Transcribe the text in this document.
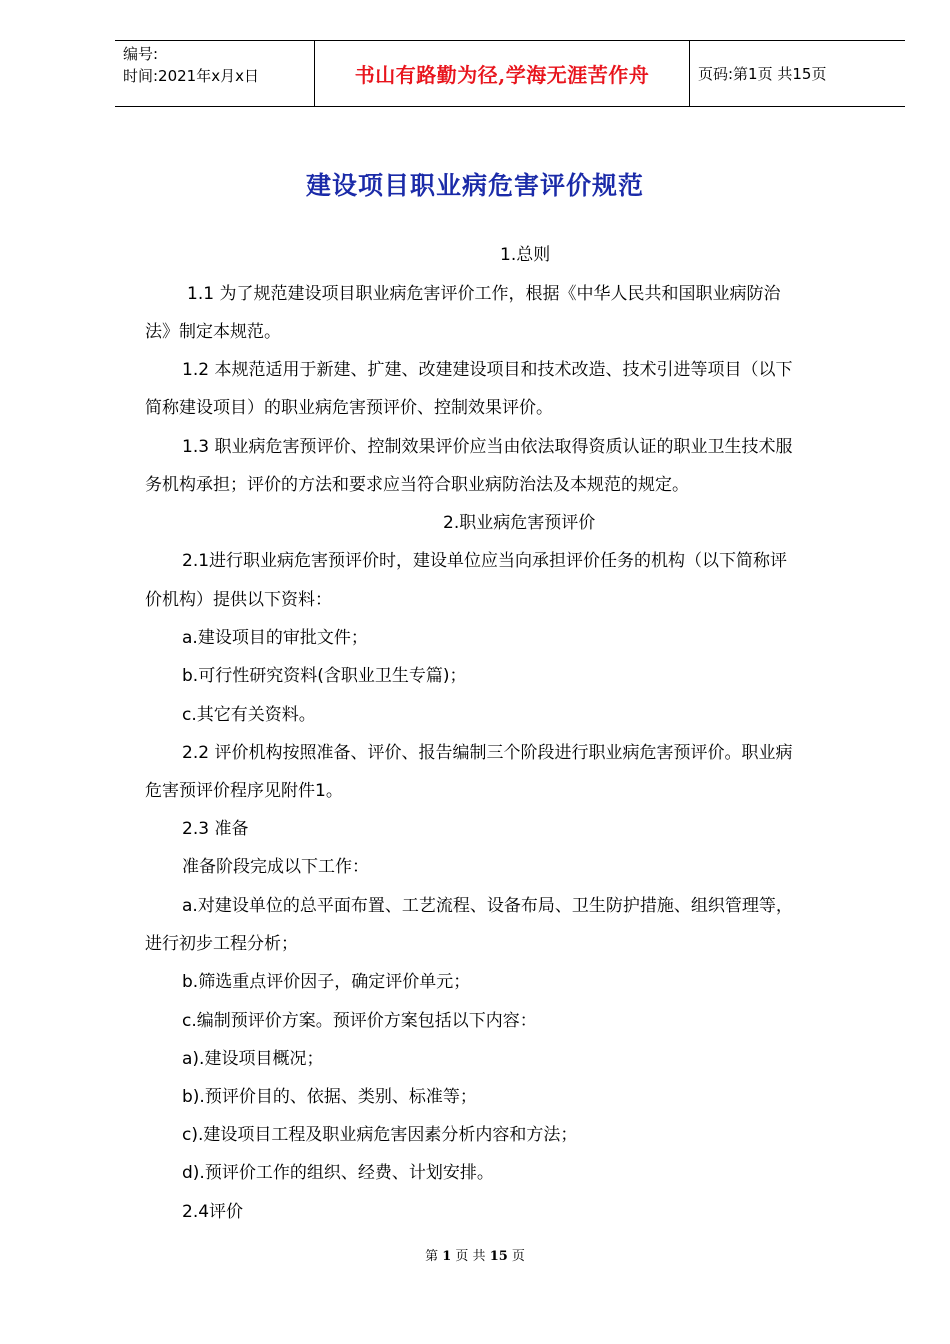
编号:
时间:2021年x月x日	书山有路勤为径,学海无涯苦作舟	页码:第1页 共15页
建设项目职业病危害评价规范
1.总则
1.1 为了规范建设项目职业病危害评价工作，根据《中华人民共和国职业病防治
法》制定本规范。
1.2 本规范适用于新建、扩建、改建建设项目和技术改造、技术引进等项目（以下
简称建设项目）的职业病危害预评价、控制效果评价。
1.3 职业病危害预评价、控制效果评价应当由依法取得资质认证的职业卫生技术服
务机构承担；评价的方法和要求应当符合职业病防治法及本规范的规定。
2.职业病危害预评价
2.1进行职业病危害预评价时，建设单位应当向承担评价任务的机构（以下简称评
价机构）提供以下资料：
a.建设项目的审批文件；
b.可行性研究资料(含职业卫生专篇)；
c.其它有关资料。
2.2 评价机构按照准备、评价、报告编制三个阶段进行职业病危害预评价。职业病
危害预评价程序见附件1。
2.3 准备
准备阶段完成以下工作：
a.对建设单位的总平面布置、工艺流程、设备布局、卫生防护措施、组织管理等，
进行初步工程分析；
b.筛选重点评价因子，确定评价单元；
c.编制预评价方案。预评价方案包括以下内容：
a).建设项目概况；
b).预评价目的、依据、类别、标准等；
c).建设项目工程及职业病危害因素分析内容和方法；
d).预评价工作的组织、经费、计划安排。
2.4评价
第 1 页 共 15 页
